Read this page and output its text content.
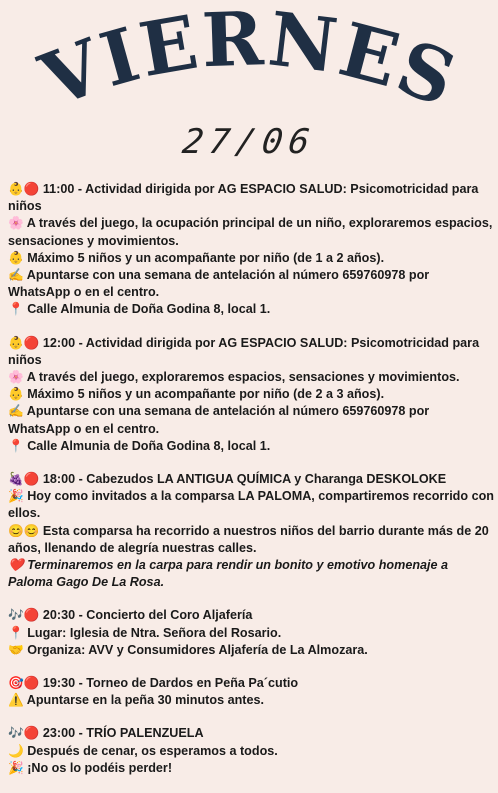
VIERNES
27/06
👶🔴 11:00 - Actividad dirigida por AG ESPACIO SALUD: Psicomotricidad para niños
🌸 A través del juego, la ocupación principal de un niño, exploraremos espacios, sensaciones y movimientos.
👶 Máximo 5 niños y un acompañante por niño (de 1 a 2 años).
✍️ Apuntarse con una semana de antelación al número 659760978 por WhatsApp o en el centro.
📍 Calle Almunia de Doña Godina 8, local 1.
👶🔴 12:00 - Actividad dirigida por AG ESPACIO SALUD: Psicomotricidad para niños
🌸 A través del juego, exploraremos espacios, sensaciones y movimientos.
👶 Máximo 5 niños y un acompañante por niño (de 2 a 3 años).
✍️ Apuntarse con una semana de antelación al número 659760978 por WhatsApp o en el centro.
📍 Calle Almunia de Doña Godina 8, local 1.
🍇🔴 18:00 - Cabezudos LA ANTIGUA QUÍMICA y Charanga DESKOLOKE
🎉 Hoy como invitados a la comparsa LA PALOMA, compartiremos recorrido con ellos.
😊😊 Esta comparsa ha recorrido a nuestros niños del barrio durante más de 20 años, llenando de alegría nuestras calles.
❤️ Terminaremos en la carpa para rendir un bonito y emotivo homenaje a Paloma Gago De La Rosa.
🎶🔴 20:30 - Concierto del Coro Aljafería
📍 Lugar: Iglesia de Ntra. Señora del Rosario.
🤝 Organiza: AVV y Consumidores Aljafería de La Almozara.
🎯🔴 19:30 - Torneo de Dardos en Peña Pa´cutio
⚠️ Apuntarse en la peña 30 minutos antes.
🎶🔴 23:00 - TRÍO PALENZUELA
🌙 Después de cenar, os esperamos a todos.
🎉 ¡No os lo podéis perder!
